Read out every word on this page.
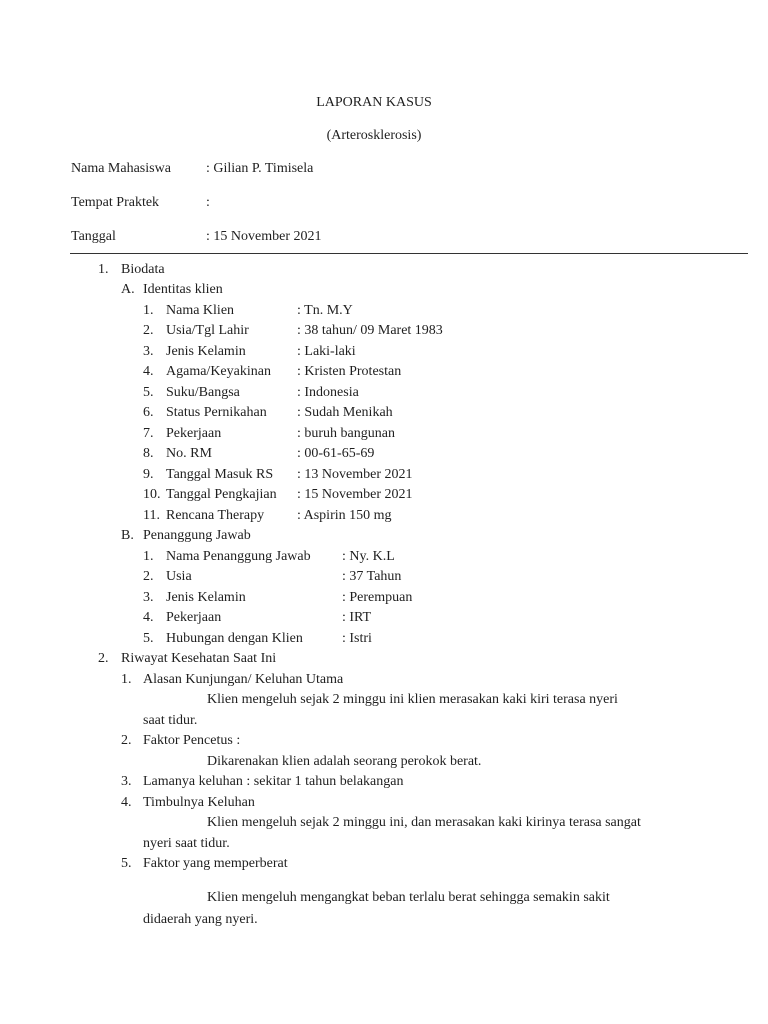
LAPORAN KASUS
(Arterosklerosis)
Nama Mahasiswa	: Gilian P. Timisela
Tempat Praktek	:
Tanggal	: 15 November 2021
1. Biodata
A. Identitas klien
1. Nama Klien	: Tn. M.Y
2. Usia/Tgl Lahir	: 38 tahun/ 09 Maret 1983
3. Jenis Kelamin	: Laki-laki
4. Agama/Keyakinan : Kristen Protestan
5. Suku/Bangsa	: Indonesia
6. Status Pernikahan : Sudah Menikah
7. Pekerjaan	: buruh bangunan
8. No. RM	: 00-61-65-69
9. Tanggal Masuk RS : 13 November 2021
10. Tanggal Pengkajian : 15 November 2021
11. Rencana Therapy : Aspirin 150 mg
B. Penanggung Jawab
1. Nama Penanggung Jawab : Ny. K.L
2. Usia	: 37 Tahun
3. Jenis Kelamin	: Perempuan
4. Pekerjaan	: IRT
5. Hubungan dengan Klien	: Istri
2. Riwayat Kesehatan Saat Ini
1. Alasan Kunjungan/ Keluhan Utama
Klien mengeluh sejak 2 minggu ini klien merasakan kaki kiri terasa nyeri
saat tidur.
2. Faktor Pencetus :
Dikarenakan klien adalah seorang perokok berat.
3. Lamanya keluhan : sekitar 1 tahun belakangan
4. Timbulnya Keluhan
Klien mengeluh sejak 2 minggu ini, dan merasakan kaki kirinya terasa sangat
nyeri saat tidur.
5. Faktor yang memperberat
Klien mengeluh mengangkat beban terlalu berat sehingga semakin sakit
didaerah yang nyeri.
